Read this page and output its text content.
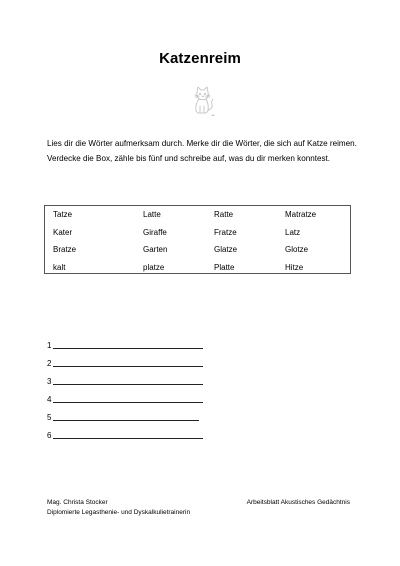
Katzenreim
Lies dir die Wörter aufmerksam durch. Merke dir die Wörter, die sich auf Katze reimen. Verdecke die Box, zähle bis fünf und schreibe auf, was du dir merken konntest.
Tatze	Latte	Ratte	Matratze
Kater	Giraffe	Fratze	Latz
Bratze	Garten	Glatze	Glotze
kalt	platze	Platte	Hitze
1
2
3
4
5
6
Mag. Christa Stocker
Diplomierte Legasthenie- und Dyskalkulietrainerin
Arbeitsblatt Akustisches Gedächtnis
